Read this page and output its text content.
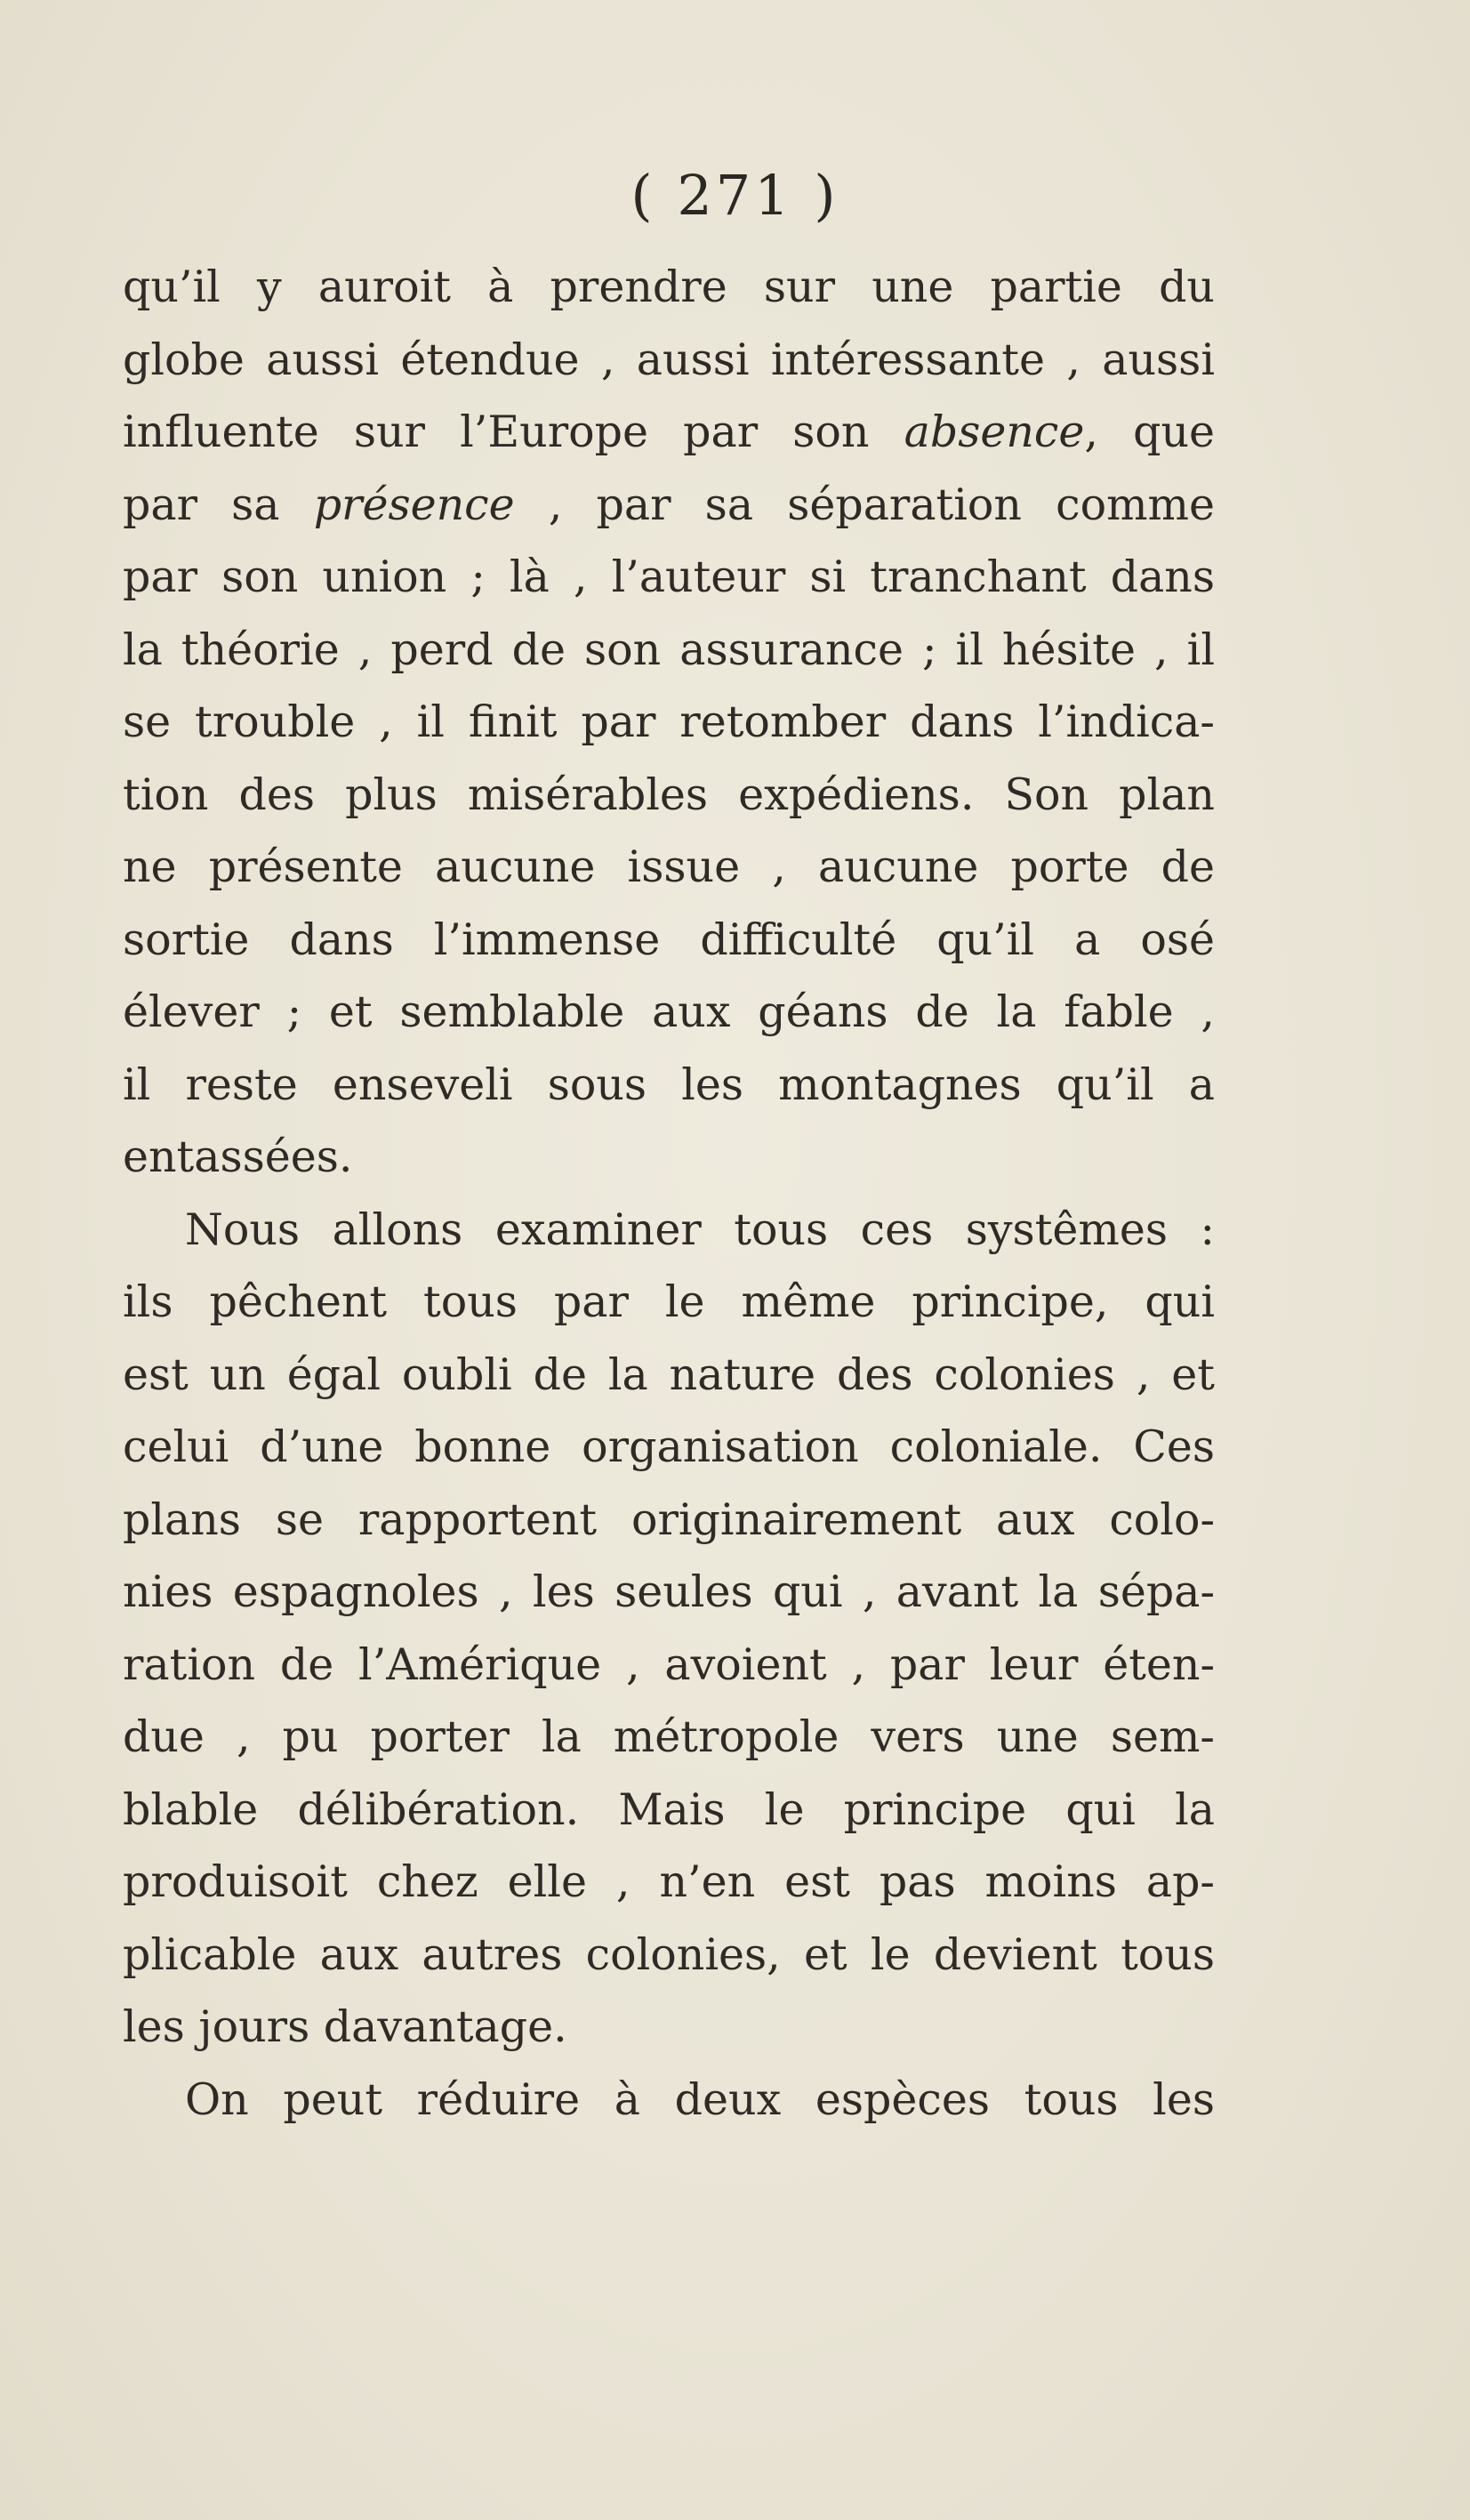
( 271 )
qu’il y auroit à prendre sur une partie du
globe aussi étendue , aussi intéressante , aussi
influente sur l’Europe par son absence, que
par sa présence , par sa séparation comme
par son union ; là , l’auteur si tranchant dans
la théorie , perd de son assurance ; il hésite , il
se trouble , il finit par retomber dans l’indica-
tion des plus misérables expédiens. Son plan
ne présente aucune issue , aucune porte de
sortie dans l’immense difficulté qu’il a osé
élever ; et semblable aux géans de la fable ,
il reste enseveli sous les montagnes qu’il a
entassées.
Nous allons examiner tous ces systêmes :
ils pêchent tous par le même principe, qui
est un égal oubli de la nature des colonies , et
celui d’une bonne organisation coloniale. Ces
plans se rapportent originairement aux colo-
nies espagnoles , les seules qui , avant la sépa-
ration de l’Amérique , avoient , par leur éten-
due , pu porter la métropole vers une sem-
blable délibération. Mais le principe qui la
produisoit chez elle , n’en est pas moins ap-
plicable aux autres colonies, et le devient tous
les jours davantage.
On peut réduire à deux espèces tous les
